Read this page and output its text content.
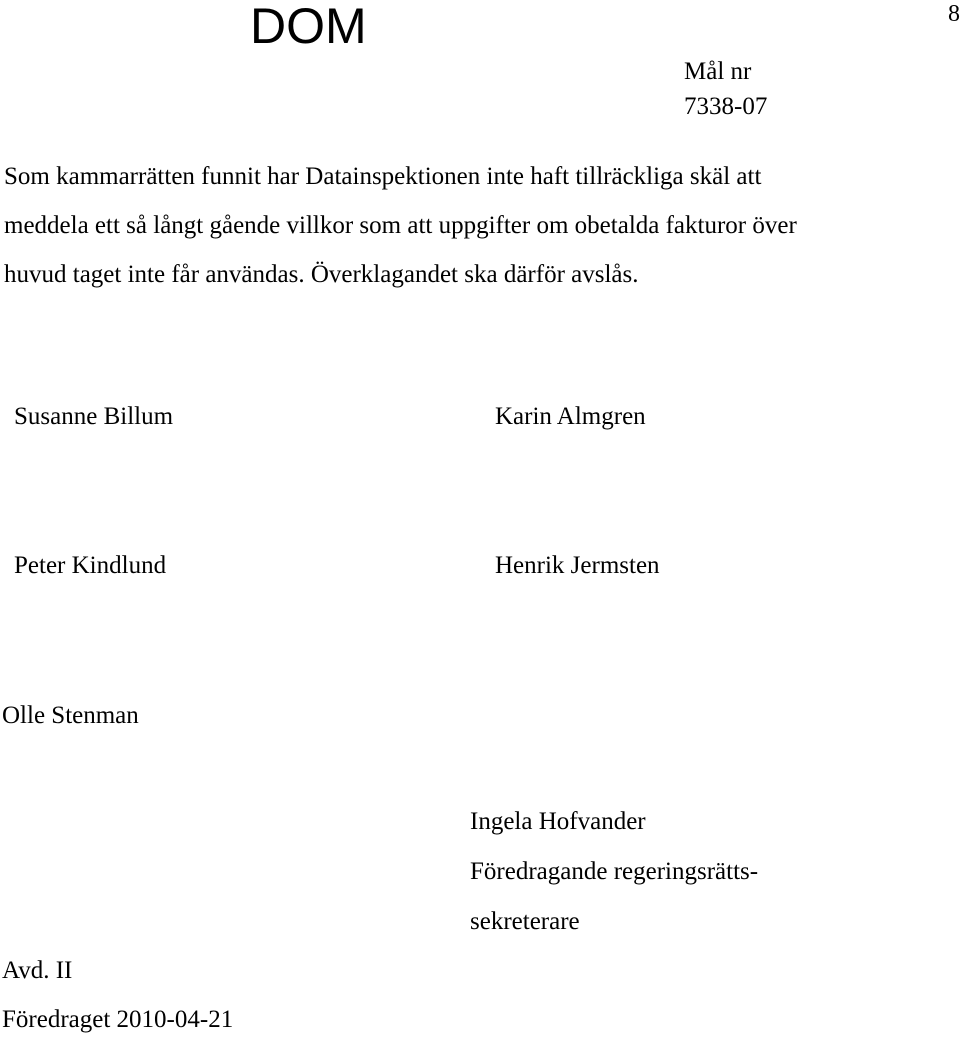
DOM	8
Mål nr
7338-07
Som kammarrätten funnit har Datainspektionen inte haft tillräckliga skäl att
meddela ett så långt gående villkor som att uppgifter om obetalda fakturor över
huvud taget inte får användas. Överklagandet ska därför avslås.
Susanne Billum	Karin Almgren
Peter Kindlund	Henrik Jermsten
Olle Stenman
Ingela Hofvander
Föredragande regeringsrätts-
sekreterare
Avd. II
Föredraget 2010-04-21
